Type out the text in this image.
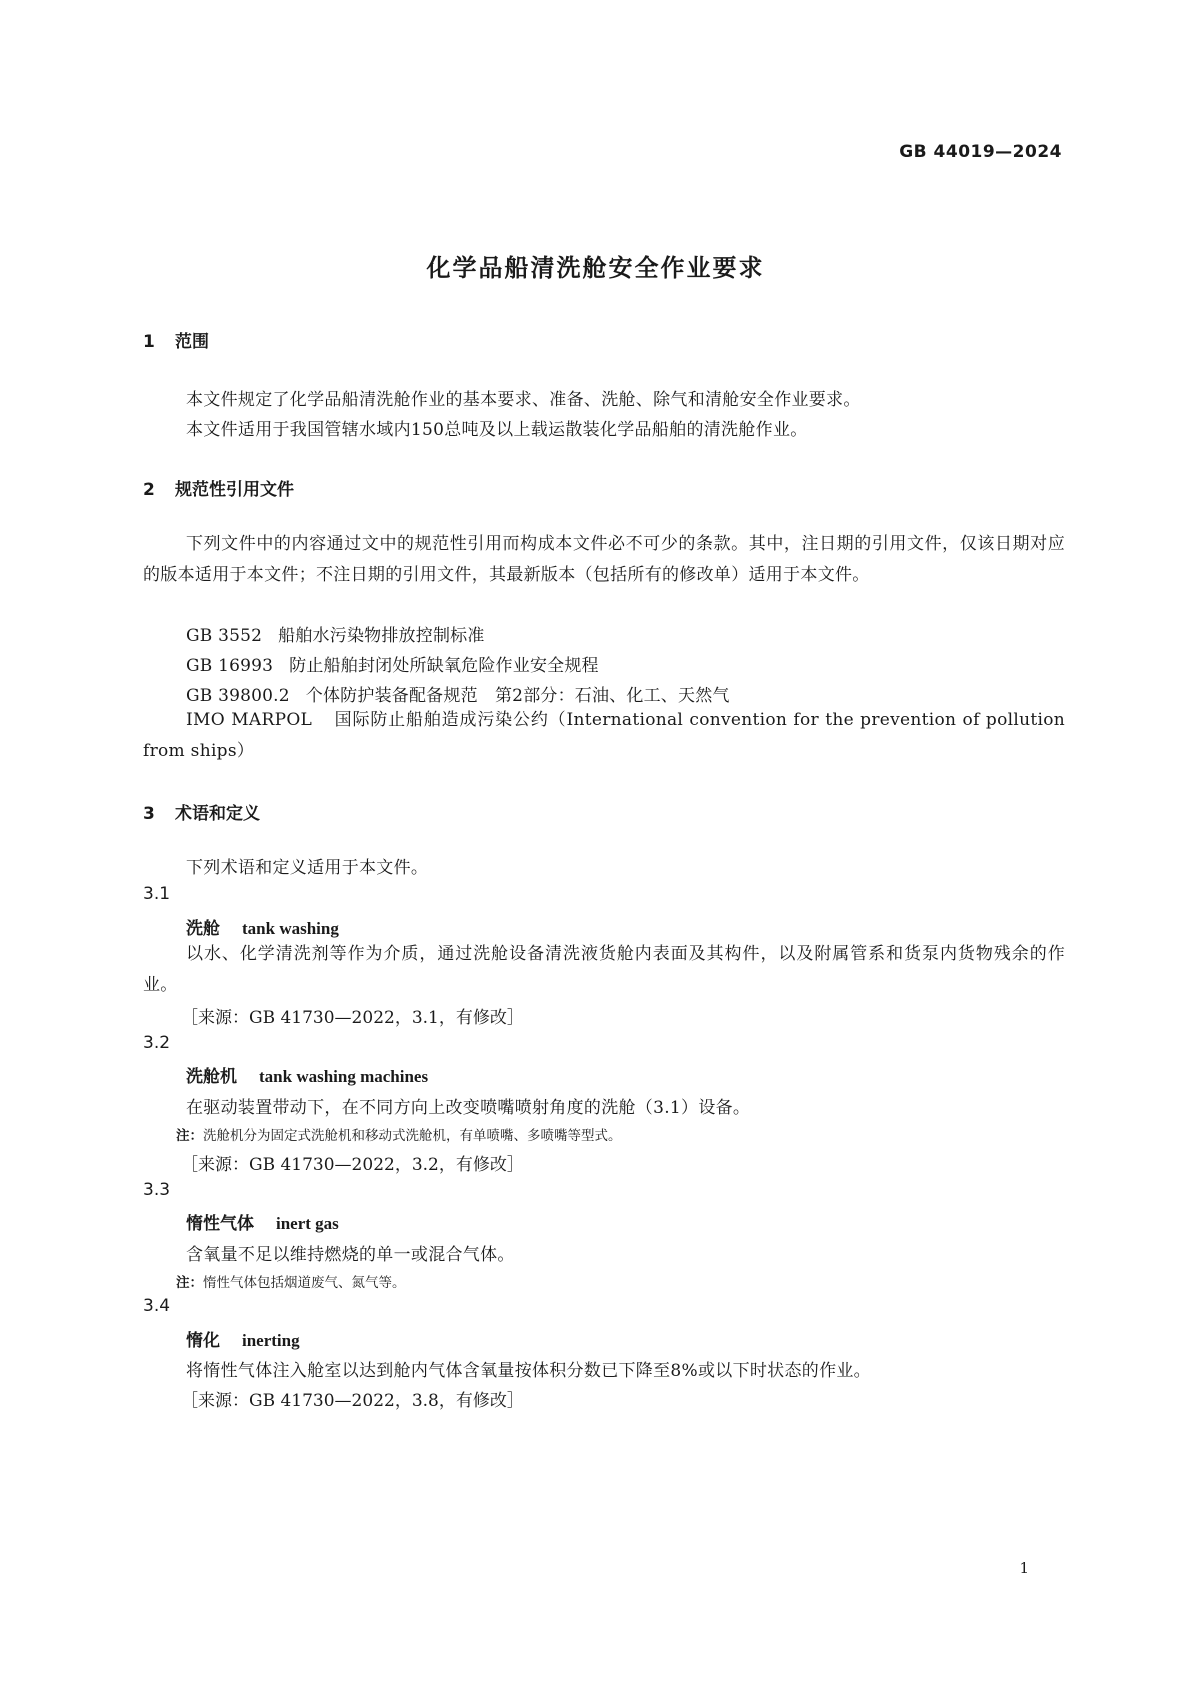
GB 44019—2024
化学品船清洗舱安全作业要求
1 范围
本文件规定了化学品船清洗舱作业的基本要求、准备、洗舱、除气和清舱安全作业要求。
本文件适用于我国管辖水域内150总吨及以上载运散装化学品船舶的清洗舱作业。
2 规范性引用文件
下列文件中的内容通过文中的规范性引用而构成本文件必不可少的条款。其中，注日期的引用文件，仅该日期对应的版本适用于本文件；不注日期的引用文件，其最新版本（包括所有的修改单）适用于本文件。
GB 3552 船舶水污染物排放控制标准
GB 16993 防止船舶封闭处所缺氧危险作业安全规程
GB 39800.2 个体防护装备配备规范　第2部分：石油、化工、天然气
IMO MARPOL 国际防止船舶造成污染公约（International convention for the prevention of pollution from ships）
3 术语和定义
下列术语和定义适用于本文件。
3.1
洗舱 tank washing
以水、化学清洗剂等作为介质，通过洗舱设备清洗液货舱内表面及其构件，以及附属管系和货泵内货物残余的作业。
［来源：GB 41730—2022，3.1，有修改］
3.2
洗舱机 tank washing machines
在驱动装置带动下，在不同方向上改变喷嘴喷射角度的洗舱（3.1）设备。
注：洗舱机分为固定式洗舱机和移动式洗舱机，有单喷嘴、多喷嘴等型式。
［来源：GB 41730—2022，3.2，有修改］
3.3
惰性气体 inert gas
含氧量不足以维持燃烧的单一或混合气体。
注：惰性气体包括烟道废气、氮气等。
3.4
惰化 inerting
将惰性气体注入舱室以达到舱内气体含氧量按体积分数已下降至8%或以下时状态的作业。
［来源：GB 41730—2022，3.8，有修改］
1
